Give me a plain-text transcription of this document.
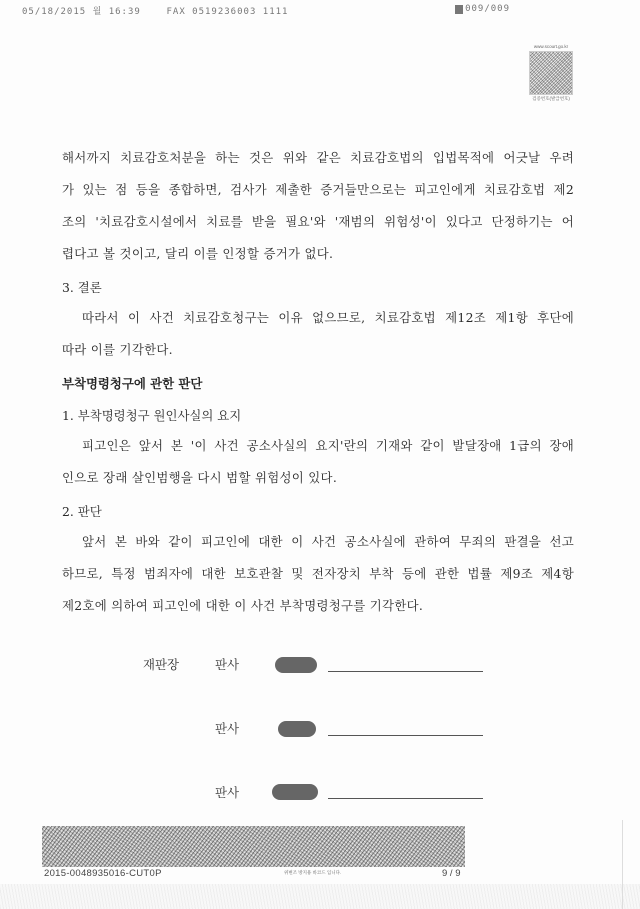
05/18/2015 월 16:39	FAX 0519236003 1111	009/009
www.scourt.go.kr
검증번호(발급번호)
해서까지 치료감호처분을 하는 것은 위와 같은 치료감호법의 입법목적에 어긋날 우려
가 있는 점 등을 종합하면, 검사가 제출한 증거들만으로는 피고인에게 치료감호법 제2
조의 '치료감호시설에서 치료를 받을 필요'와 '재범의 위험성'이 있다고 단정하기는 어
렵다고 볼 것이고, 달리 이를 인정할 증거가 없다.
3. 결론
따라서 이 사건 치료감호청구는 이유 없으므로, 치료감호법 제12조 제1항 후단에
따라 이를 기각한다.
부착명령청구에 관한 판단
1. 부착명령청구 원인사실의 요지
피고인은 앞서 본 '이 사건 공소사실의 요지'란의 기재와 같이 발달장애 1급의 장애
인으로 장래 살인범행을 다시 범할 위험성이 있다.
2. 판단
앞서 본 바와 같이 피고인에 대한 이 사건 공소사실에 관하여 무죄의 판결을 선고
하므로, 특정 범죄자에 대한 보호관찰 및 전자장치 부착 등에 관한 법률 제9조 제4항
제2호에 의하여 피고인에 대한 이 사건 부착명령청구를 기각한다.
재판장	판사
판사
판사
2015-0048935016-CUT0P	위변조 방지용 바코드 입니다.	9 / 9
